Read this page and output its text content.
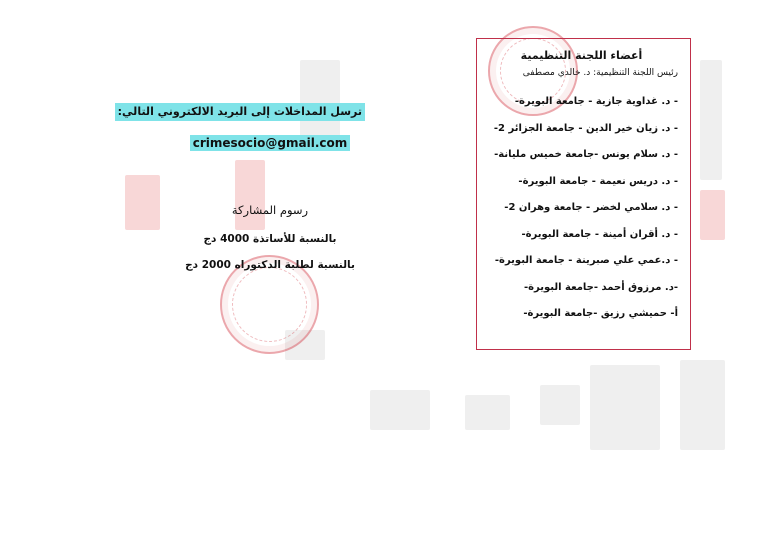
ترسل المداخلات إلى البريد الالكتروني التالي:
crimesocio@gmail.com
رسوم المشاركة
بالنسبة للأساتذة 4000 دج
بالنسبة لطلبة الدكتوراه 2000 دج
أعضاء اللجنة التنظيمية
رئيس اللجنة التنظيمية: د. خالدي مصطفى
- د. غداوية جازية - جامعة البويرة-
- د. زيان خير الدين - جامعة الجزائر 2-
- د. سلام يونس -جامعة خميس مليانة-
- د. دريس نعيمة - جامعة البويرة-
- د. سلامي لخضر - جامعة وهران 2-
- د. أقران أمينة - جامعة البويرة-
- د.عمي علي صبرينة - جامعة البويرة-
-د. مرزوق أحمد -جامعة البويرة-
أ- حميشي رزيق -جامعة البويرة-
